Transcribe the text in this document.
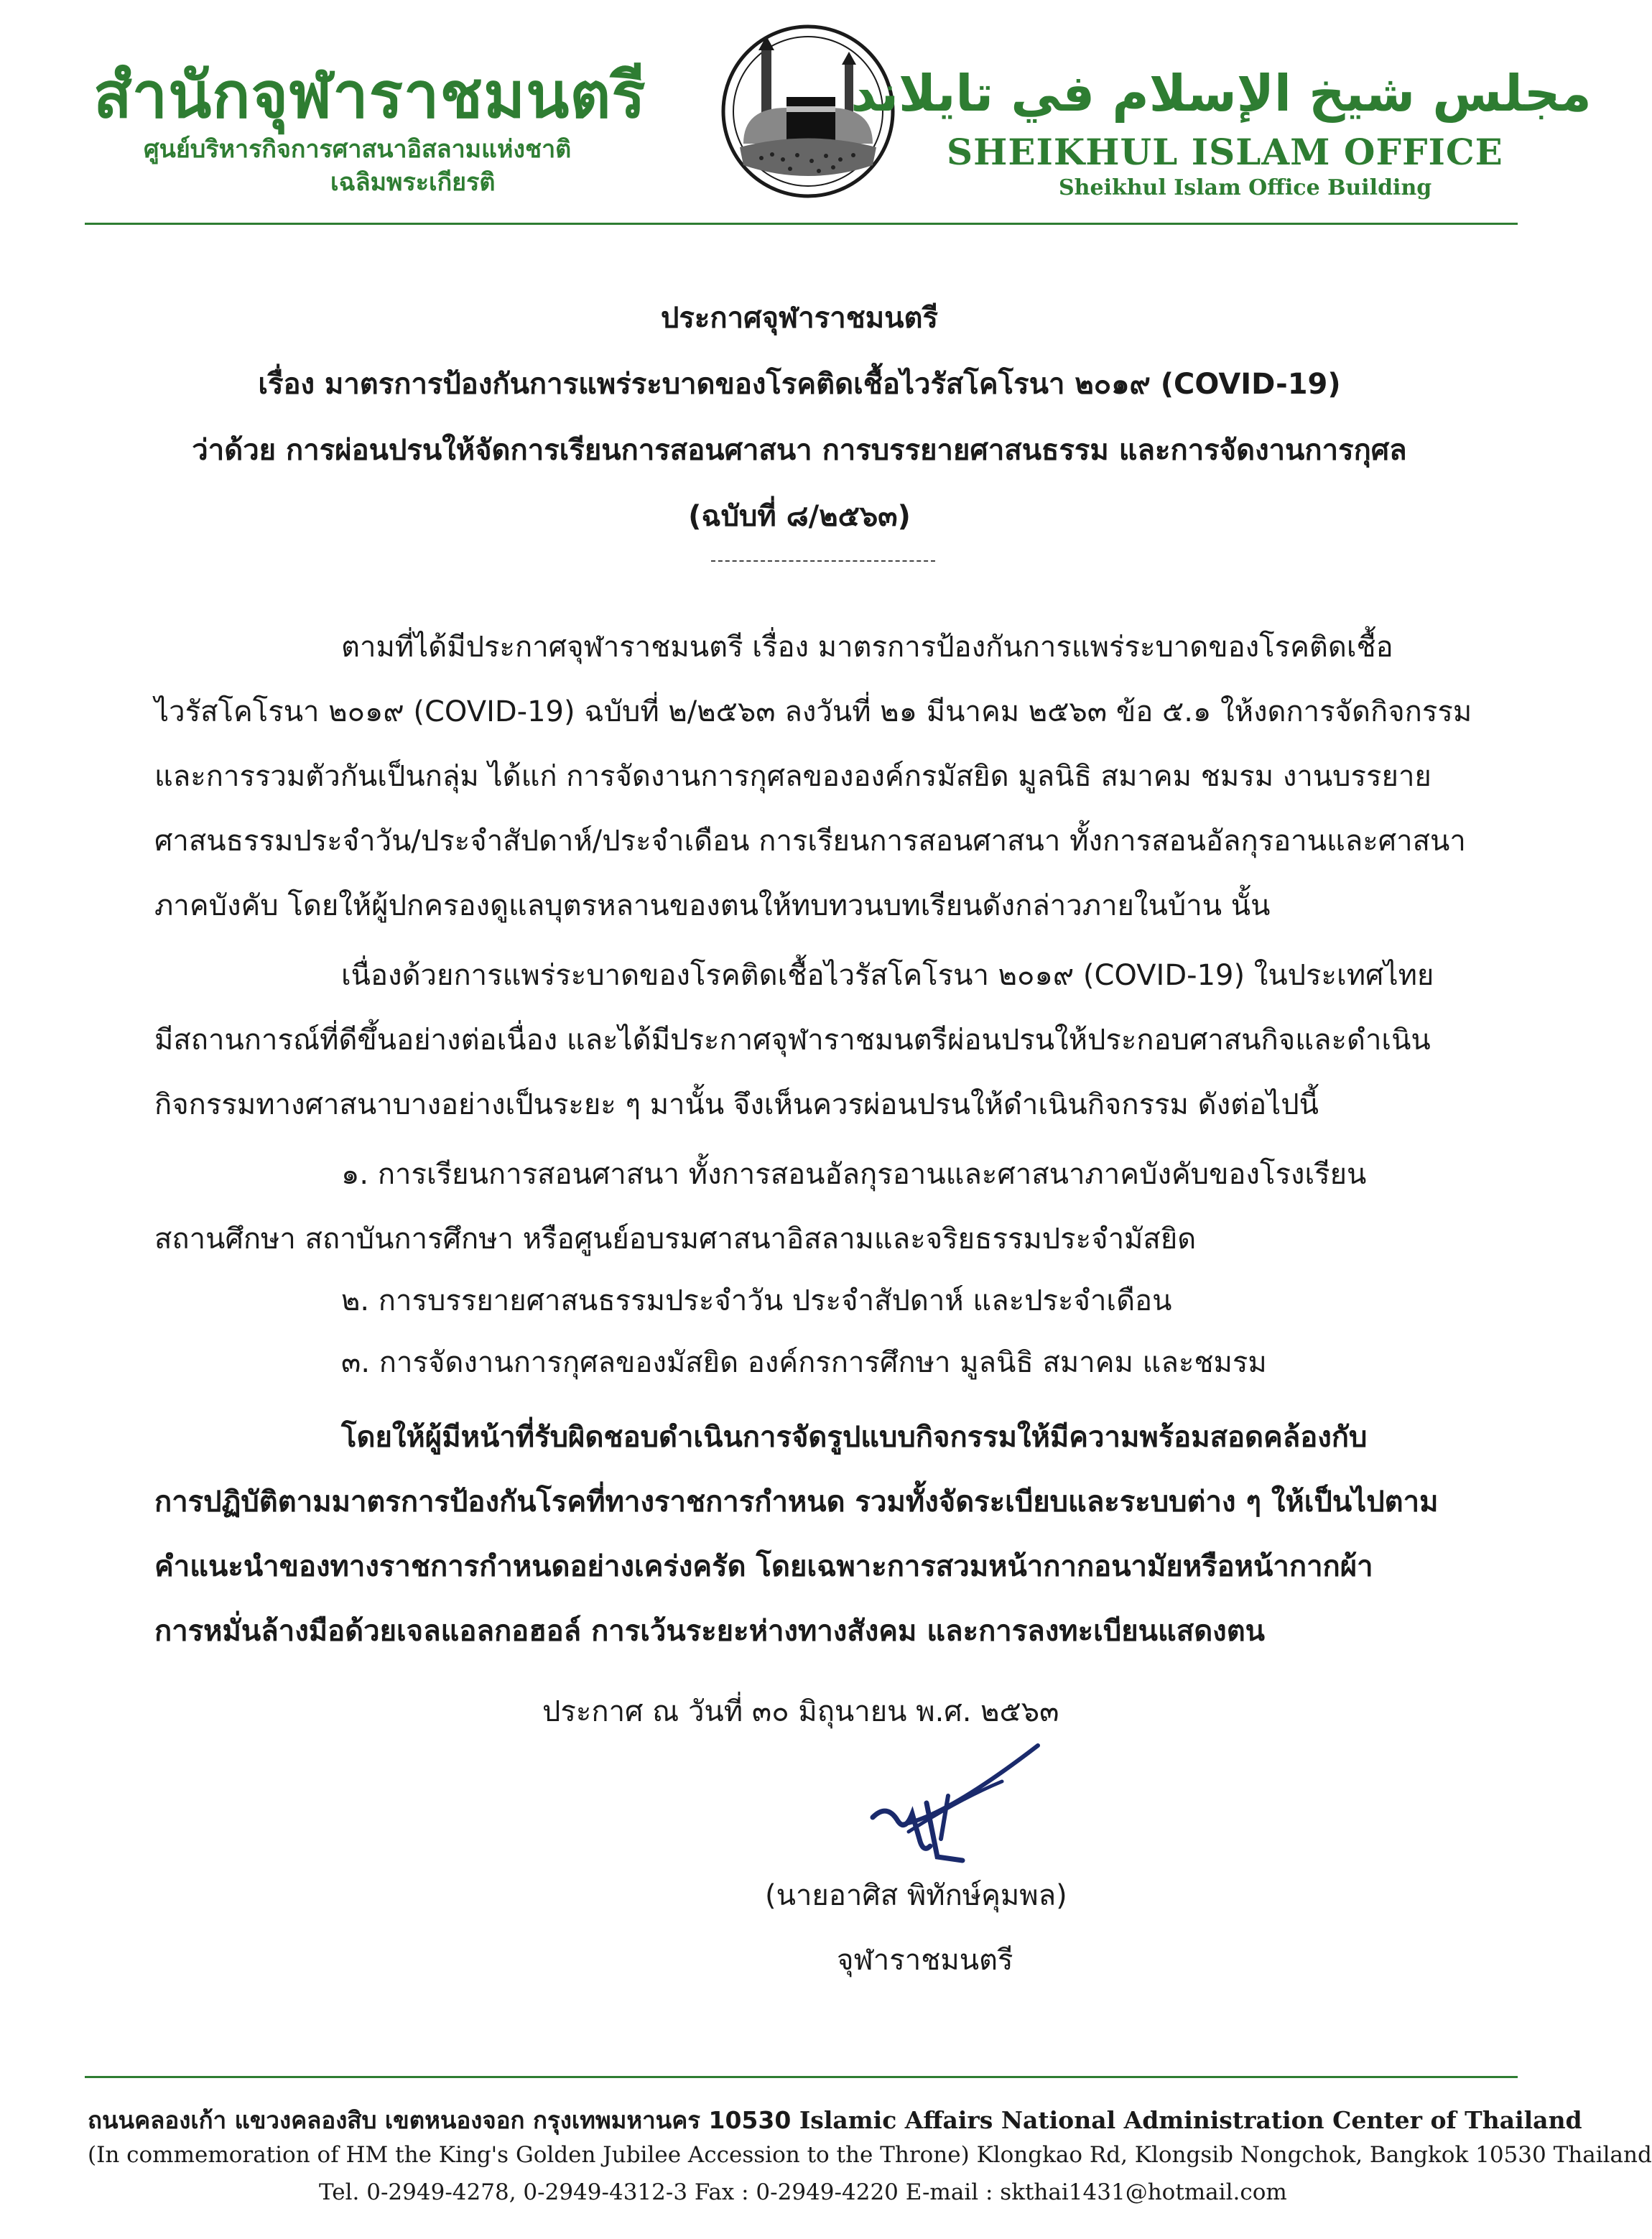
สำนักจุฬาราชมนตรี
ศูนย์บริหารกิจการศาสนาอิสลามแห่งชาติ
เฉลิมพระเกียรติ
مجلس شيخ الإسلام في تايلاند
SHEIKHUL ISLAM OFFICE
Sheikhul Islam Office Building
ประกาศจุฬาราชมนตรี
เรื่อง มาตรการป้องกันการแพร่ระบาดของโรคติดเชื้อไวรัสโคโรนา ๒๐๑๙ (COVID-19)
ว่าด้วย การผ่อนปรนให้จัดการเรียนการสอนศาสนา การบรรยายศาสนธรรม และการจัดงานการกุศล
(ฉบับที่ ๘/๒๕๖๓)
ตามที่ได้มีประกาศจุฬาราชมนตรี เรื่อง มาตรการป้องกันการแพร่ระบาดของโรคติดเชื้อ
ไวรัสโคโรนา ๒๐๑๙ (COVID-19) ฉบับที่ ๒/๒๕๖๓ ลงวันที่ ๒๑ มีนาคม ๒๕๖๓ ข้อ ๕.๑ ให้งดการจัดกิจกรรม
และการรวมตัวกันเป็นกลุ่ม ได้แก่ การจัดงานการกุศลขององค์กรมัสยิด มูลนิธิ สมาคม ชมรม งานบรรยาย
ศาสนธรรมประจำวัน/ประจำสัปดาห์/ประจำเดือน การเรียนการสอนศาสนา ทั้งการสอนอัลกุรอานและศาสนา
ภาคบังคับ โดยให้ผู้ปกครองดูแลบุตรหลานของตนให้ทบทวนบทเรียนดังกล่าวภายในบ้าน นั้น
เนื่องด้วยการแพร่ระบาดของโรคติดเชื้อไวรัสโคโรนา ๒๐๑๙ (COVID-19) ในประเทศไทย
มีสถานการณ์ที่ดีขึ้นอย่างต่อเนื่อง และได้มีประกาศจุฬาราชมนตรีผ่อนปรนให้ประกอบศาสนกิจและดำเนิน
กิจกรรมทางศาสนาบางอย่างเป็นระยะ ๆ มานั้น จึงเห็นควรผ่อนปรนให้ดำเนินกิจกรรม ดังต่อไปนี้
๑. การเรียนการสอนศาสนา ทั้งการสอนอัลกุรอานและศาสนาภาคบังคับของโรงเรียน
สถานศึกษา สถาบันการศึกษา หรือศูนย์อบรมศาสนาอิสลามและจริยธรรมประจำมัสยิด
๒. การบรรยายศาสนธรรมประจำวัน ประจำสัปดาห์ และประจำเดือน
๓. การจัดงานการกุศลของมัสยิด องค์กรการศึกษา มูลนิธิ สมาคม และชมรม
โดยให้ผู้มีหน้าที่รับผิดชอบดำเนินการจัดรูปแบบกิจกรรมให้มีความพร้อมสอดคล้องกับ
การปฏิบัติตามมาตรการป้องกันโรคที่ทางราชการกำหนด รวมทั้งจัดระเบียบและระบบต่าง ๆ ให้เป็นไปตาม
คำแนะนำของทางราชการกำหนดอย่างเคร่งครัด โดยเฉพาะการสวมหน้ากากอนามัยหรือหน้ากากผ้า
การหมั่นล้างมือด้วยเจลแอลกอฮอล์ การเว้นระยะห่างทางสังคม และการลงทะเบียนแสดงตน
ประกาศ ณ วันที่ ๓๐ มิถุนายน พ.ศ. ๒๕๖๓
(นายอาศิส พิทักษ์คุมพล)
จุฬาราชมนตรี
ถนนคลองเก้า แขวงคลองสิบ เขตหนองจอก กรุงเทพมหานคร 10530 Islamic Affairs National Administration Center of Thailand
(In commemoration of HM the King's Golden Jubilee Accession to the Throne) Klongkao Rd, Klongsib Nongchok, Bangkok 10530 Thailand
Tel. 0-2949-4278, 0-2949-4312-3 Fax : 0-2949-4220 E-mail : skthai1431@hotmail.com
